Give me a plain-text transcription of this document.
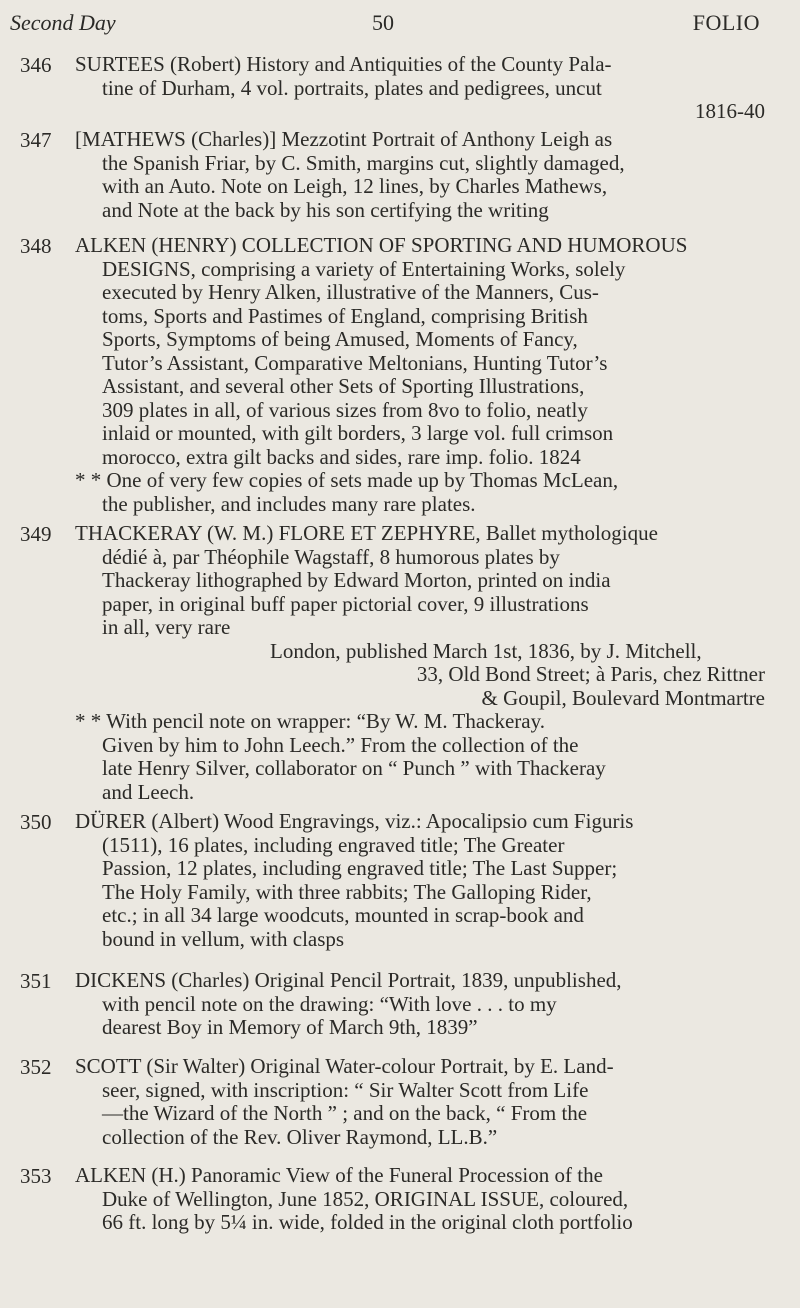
Second Day	50	FOLIO
346 SURTEES (Robert) History and Antiquities of the County Pala-
tine of Durham, 4 vol. portraits, plates and pedigrees, uncut
1816-40
347 [MATHEWS (Charles)] Mezzotint Portrait of Anthony Leigh as
the Spanish Friar, by C. Smith, margins cut, slightly damaged,
with an Auto. Note on Leigh, 12 lines, by Charles Mathews,
and Note at the back by his son certifying the writing
348 ALKEN (HENRY) COLLECTION OF SPORTING AND HUMOROUS
DESIGNS, comprising a variety of Entertaining Works, solely
executed by Henry Alken, illustrative of the Manners, Cus-
toms, Sports and Pastimes of England, comprising British
Sports, Symptoms of being Amused, Moments of Fancy,
Tutor’s Assistant, Comparative Meltonians, Hunting Tutor’s
Assistant, and several other Sets of Sporting Illustrations,
309 plates in all, of various sizes from 8vo to folio, neatly
inlaid or mounted, with gilt borders, 3 large vol. full crimson
morocco, extra gilt backs and sides, rare imp. folio. 1824
* * One of very few copies of sets made up by Thomas McLean,
the publisher, and includes many rare plates.
349 THACKERAY (W. M.) FLORE ET ZEPHYRE, Ballet mythologique
dédié à, par Théophile Wagstaff, 8 humorous plates by
Thackeray lithographed by Edward Morton, printed on india
paper, in original buff paper pictorial cover, 9 illustrations
in all, very rare
London, published March 1st, 1836, by J. Mitchell,
33, Old Bond Street; à Paris, chez Rittner
& Goupil, Boulevard Montmartre
* * With pencil note on wrapper: “By W. M. Thackeray.
Given by him to John Leech.” From the collection of the
late Henry Silver, collaborator on “ Punch ” with Thackeray
and Leech.
350 DÜRER (Albert) Wood Engravings, viz.: Apocalipsio cum Figuris
(1511), 16 plates, including engraved title; The Greater
Passion, 12 plates, including engraved title; The Last Supper;
The Holy Family, with three rabbits; The Galloping Rider,
etc.; in all 34 large woodcuts, mounted in scrap-book and
bound in vellum, with clasps
351 DICKENS (Charles) Original Pencil Portrait, 1839, unpublished,
with pencil note on the drawing: “With love . . . to my
dearest Boy in Memory of March 9th, 1839”
352 SCOTT (Sir Walter) Original Water-colour Portrait, by E. Land-
seer, signed, with inscription: “ Sir Walter Scott from Life
—the Wizard of the North ” ; and on the back, “ From the
collection of the Rev. Oliver Raymond, LL.B.”
353 ALKEN (H.) Panoramic View of the Funeral Procession of the
Duke of Wellington, June 1852, ORIGINAL ISSUE, coloured,
66 ft. long by 5¼ in. wide, folded in the original cloth portfolio
